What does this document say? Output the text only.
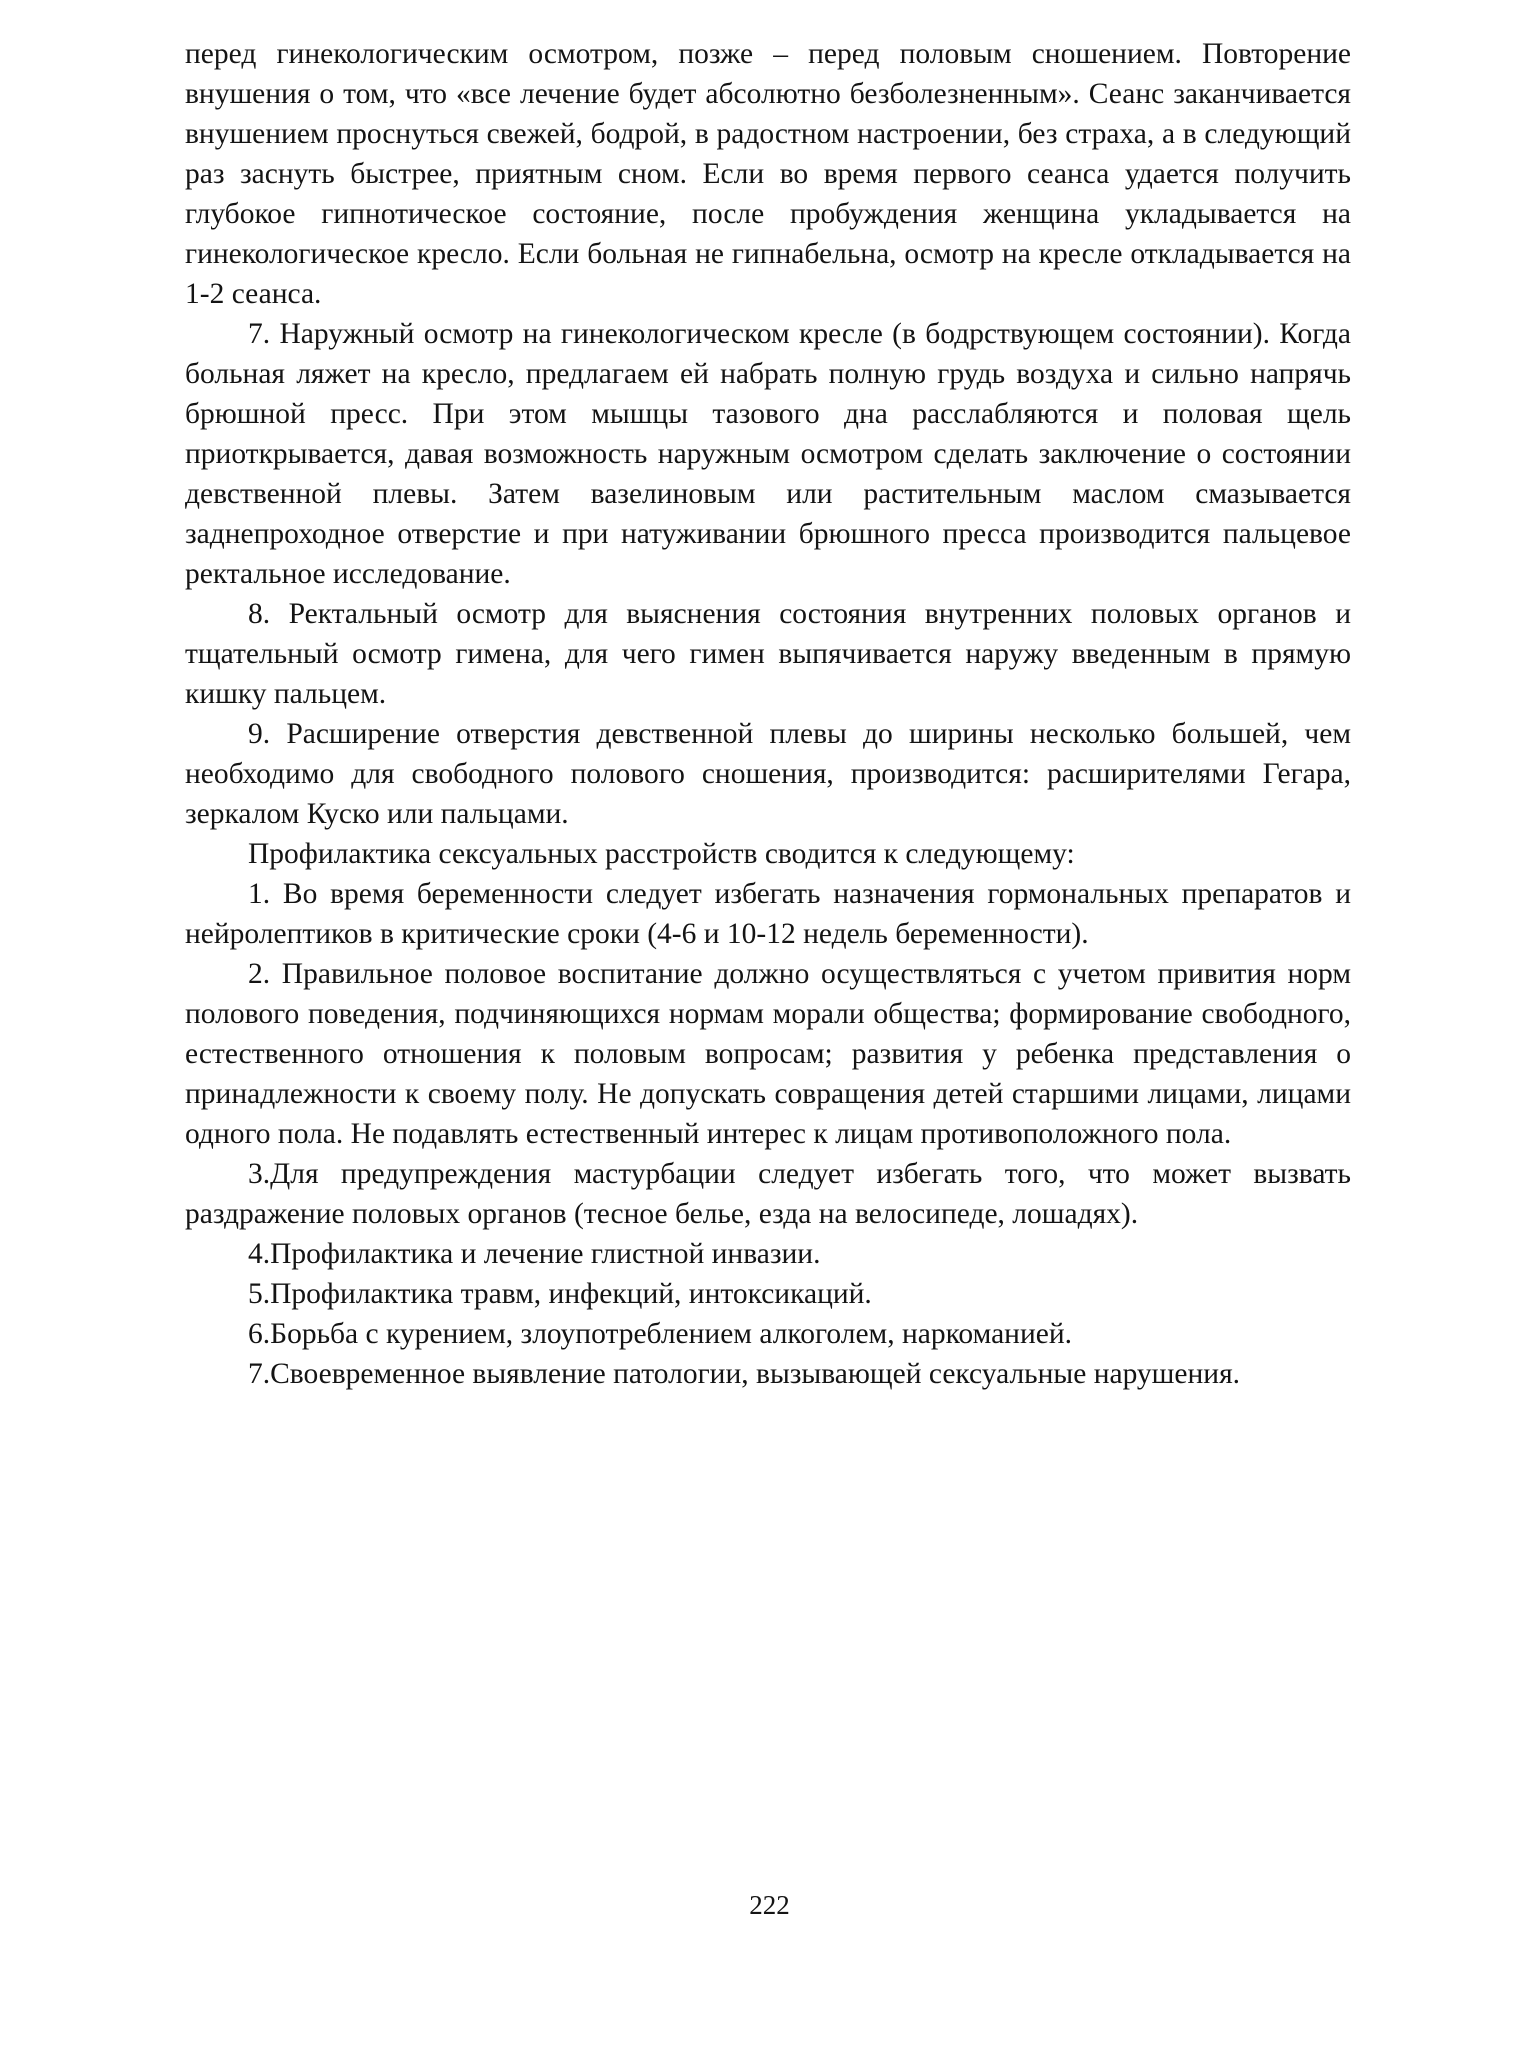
перед гинекологическим осмотром, позже – перед половым сношением. Повторение внушения о том, что «все лечение будет абсолютно безболезненным». Сеанс заканчивается внушением проснуться свежей, бодрой, в радостном настроении, без страха, а в следующий раз заснуть быстрее, приятным сном. Если во время первого сеанса удается получить глубокое гипнотическое состояние, после пробуждения женщина укладывается на гинекологическое кресло. Если больная не гипнабельна, осмотр на кресле откладывается на 1-2 сеанса.

7. Наружный осмотр на гинекологическом кресле (в бодрствующем состоянии). Когда больная ляжет на кресло, предлагаем ей набрать полную грудь воздуха и сильно напрячь брюшной пресс. При этом мышцы тазового дна расслабляются и половая щель приоткрывается, давая возможность наружным осмотром сделать заключение о состоянии девственной плевы. Затем вазелиновым или растительным маслом смазывается заднепроходное отверстие и при натуживании брюшного пресса производится пальцевое ректальное исследование.

8. Ректальный осмотр для выяснения состояния внутренних половых органов и тщательный осмотр гимена, для чего гимен выпячивается наружу введенным в прямую кишку пальцем.

9. Расширение отверстия девственной плевы до ширины несколько большей, чем необходимо для свободного полового сношения, производится: расширителями Гегара, зеркалом Куско или пальцами.

Профилактика сексуальных расстройств сводится к следующему:

1. Во время беременности следует избегать назначения гормональных препаратов и нейролептиков в критические сроки (4-6 и 10-12 недель беременности).

2. Правильное половое воспитание должно осуществляться с учетом привития норм полового поведения, подчиняющихся нормам морали общества; формирование свободного, естественного отношения к половым вопросам; развития у ребенка представления о принадлежности к своему полу. Не допускать совращения детей старшими лицами, лицами одного пола. Не подавлять естественный интерес к лицам противоположного пола.

3.Для предупреждения мастурбации следует избегать того, что может вызвать раздражение половых органов (тесное белье, езда на велосипеде, лошадях).

4.Профилактика и лечение глистной инвазии.

5.Профилактика травм, инфекций, интоксикаций.

6.Борьба с курением, злоупотреблением алкоголем, наркоманией.

7.Своевременное выявление патологии, вызывающей сексуальные нарушения.

222
